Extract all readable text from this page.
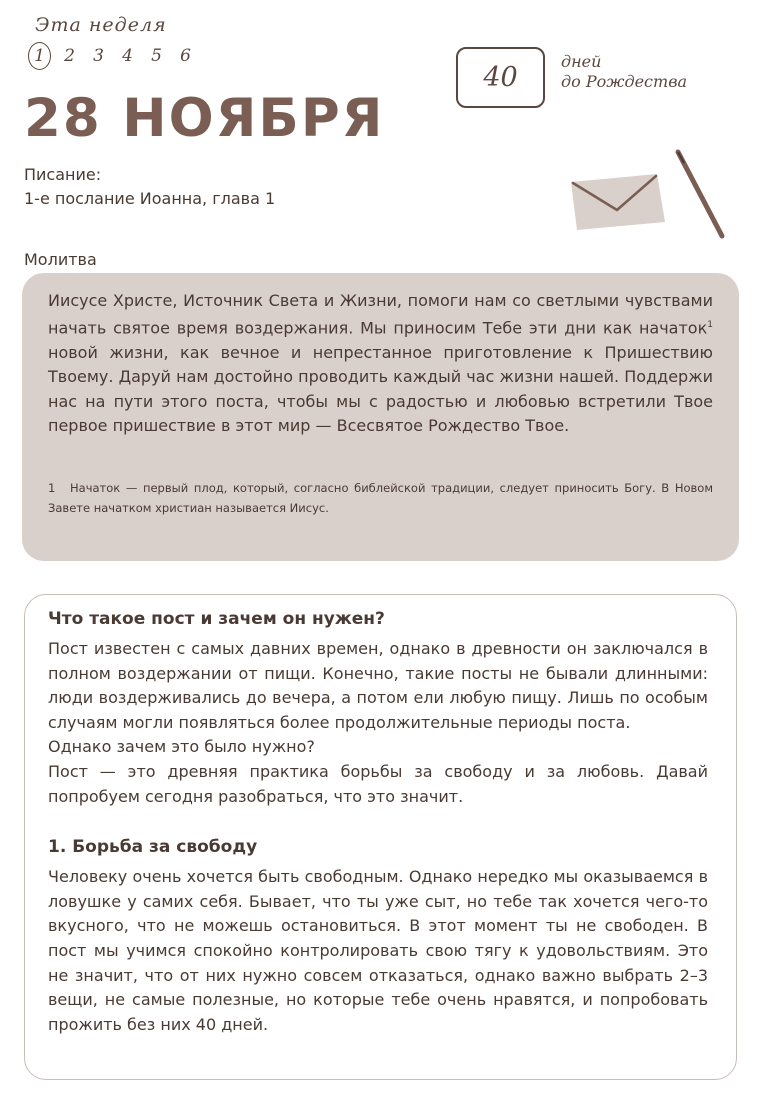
Эта неделя
1	2 3 4 5 6
40
дней
до Рождества
28 НОЯБРЯ
Писание:
1-е послание Иоанна, глава 1
Молитва

Иисусе Христе, Источник Света и Жизни, помоги нам со светлыми чувствами начать святое время воздержания. Мы приносим Тебе эти дни как начаток$^1$ новой жизни, как вечное и непрестанное приготовление к Пришествию Твоему. Даруй нам достойно проводить каждый час жизни нашей. Поддержи нас на пути этого поста, чтобы мы с радостью и любовью встретили Твое первое пришествие в этот мир — Всесвятое Рождество Твое.

1 Начаток — первый плод, который, согласно библейской традиции, следует приносить Богу. В Новом Завете начатком христиан называется Иисус.
Что такое пост и зачем он нужен?

Пост известен с самых давних времен, однако в древности он заключался в полном воздержании от пищи. Конечно, такие посты не бывали длинными: люди воздерживались до вечера, а потом ели любую пищу. Лишь по особым случаям могли появляться более продолжительные периоды поста.

Однако зачем это было нужно?

Пост — это древняя практика борьбы за свободу и за любовь. Давай попробуем сегодня разобраться, что это значит.

1. Борьба за свободу

Человеку очень хочется быть свободным. Однако нередко мы оказываемся в ловушке у самих себя. Бывает, что ты уже сыт, но тебе так хочется чего-то вкусного, что не можешь остановиться. В этот момент ты не свободен. В пост мы учимся спокойно контролировать свою тягу к удовольствиям. Это не значит, что от них нужно совсем отказаться, однако важно выбрать 2–3 вещи, не самые полезные, но которые тебе очень нравятся, и попробовать прожить без них 40 дней.
